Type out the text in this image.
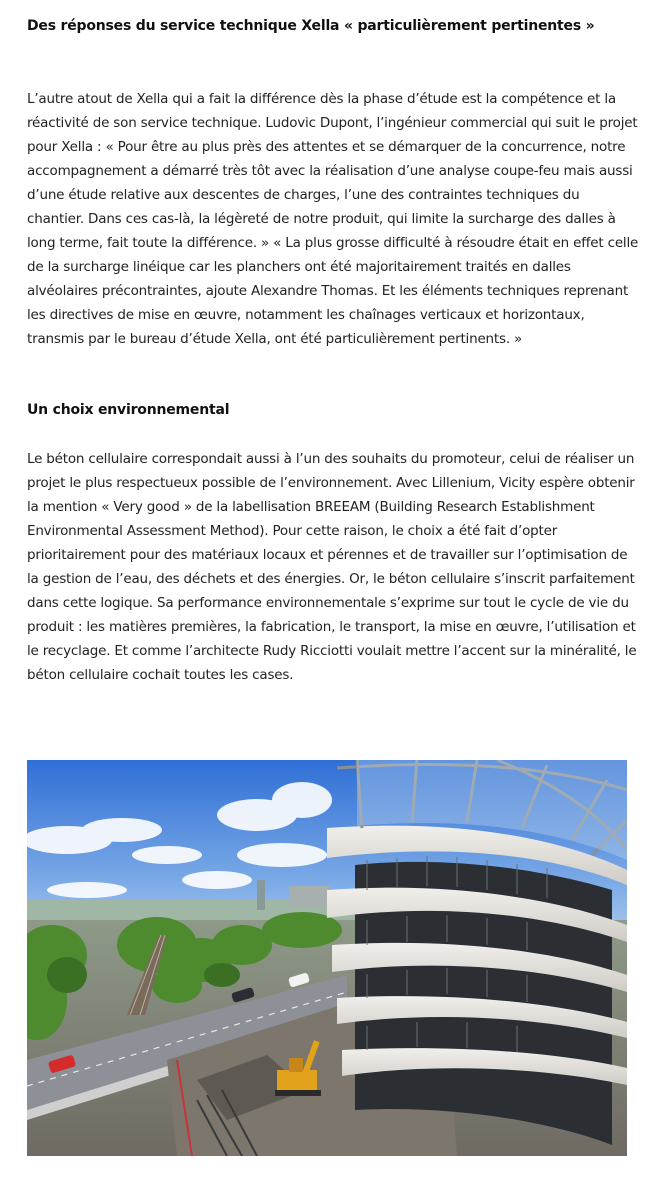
Des réponses du service technique Xella « particulièrement pertinentes »

L’autre atout de Xella qui a fait la différence dès la phase d’étude est la compétence et la réactivité de son service technique. Ludovic Dupont, l’ingénieur commercial qui suit le projet pour Xella : « Pour être au plus près des attentes et se démarquer de la concurrence, notre accompagnement a démarré très tôt avec la réalisation d’une analyse coupe-feu mais aussi d’une étude relative aux descentes de charges, l’une des contraintes techniques du chantier. Dans ces cas-là, la légèreté de notre produit, qui limite la surcharge des dalles à long terme, fait toute la différence. » « La plus grosse difficulté à résoudre était en effet celle de la surcharge linéique car les planchers ont été majoritairement traités en dalles alvéolaires précontraintes, ajoute Alexandre Thomas. Et les éléments techniques reprenant les directives de mise en œuvre, notamment les chaînages verticaux et horizontaux, transmis par le bureau d’étude Xella, ont été particulièrement pertinents. »

Un choix environnemental

Le béton cellulaire correspondait aussi à l’un des souhaits du promoteur, celui de réaliser un projet le plus respectueux possible de l’environnement. Avec Lillenium, Vicity espère obtenir la mention « Very good » de la labellisation BREEAM (Building Research Establishment Environmental Assessment Method). Pour cette raison, le choix a été fait d’opter prioritairement pour des matériaux locaux et pérennes et de travailler sur l’optimisation de la gestion de l’eau, des déchets et des énergies. Or, le béton cellulaire s’inscrit parfaitement dans cette logique. Sa performance environnementale s’exprime sur tout le cycle de vie du produit : les matières premières, la fabrication, le transport, la mise en œuvre, l’utilisation et le recyclage. Et comme l’architecte Rudy Ricciotti voulait mettre l’accent sur la minéralité, le béton cellulaire cochait toutes les cases.
